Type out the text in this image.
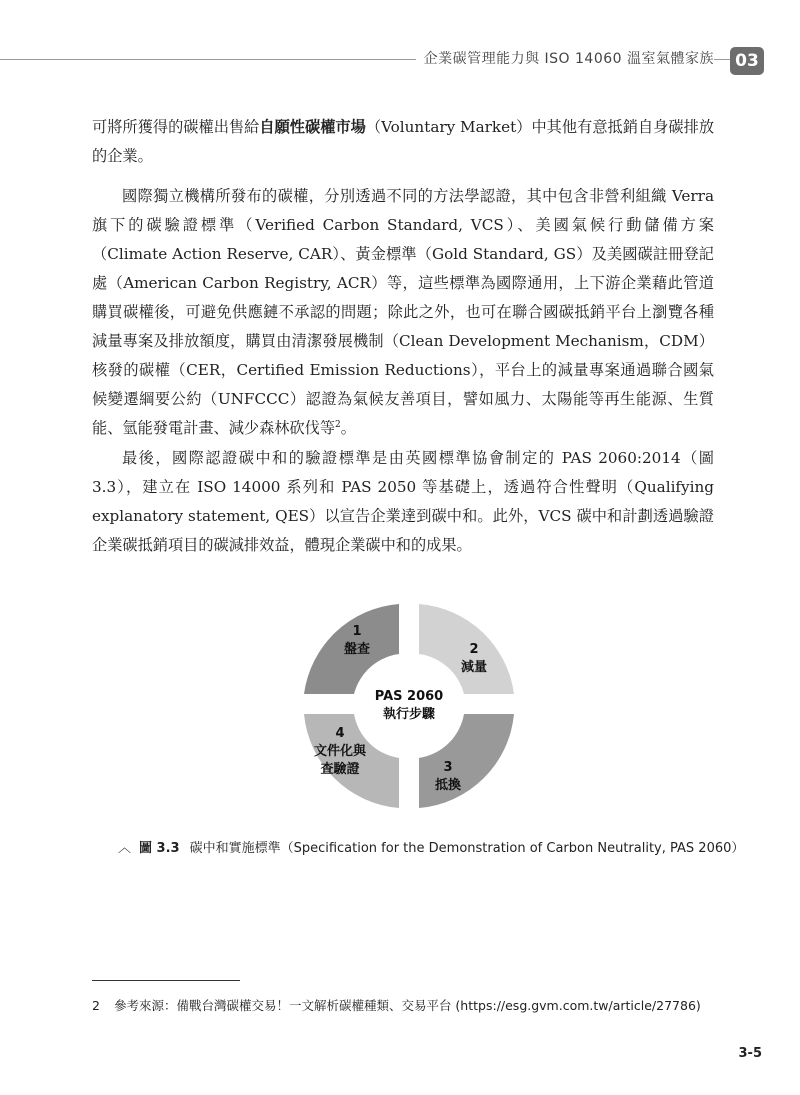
企業碳管理能力與 ISO 14060 溫室氣體家族	03

可將所獲得的碳權出售給自願性碳權市場（Voluntary Market）中其他有意抵銷自身碳排放的企業。

國際獨立機構所發布的碳權，分別透過不同的方法學認證，其中包含非營利組織 Verra 旗下的碳驗證標準（Verified Carbon Standard, VCS）、美國氣候行動儲備方案（Climate Action Reserve, CAR）、黃金標準（Gold Standard, GS）及美國碳註冊登記處（American Carbon Registry, ACR）等，這些標準為國際通用，上下游企業藉此管道購買碳權後，可避免供應鏈不承認的問題；除此之外，也可在聯合國碳抵銷平台上瀏覽各種減量專案及排放額度，購買由清潔發展機制（Clean Development Mechanism，CDM）核發的碳權（CER，Certified Emission Reductions），平台上的減量專案通過聯合國氣候變遷綱要公約（UNFCCC）認證為氣候友善項目，譬如風力、太陽能等再生能源、生質能、氫能發電計畫、減少森林砍伐等$^2$。

最後，國際認證碳中和的驗證標準是由英國標準協會制定的 PAS 2060:2014（圖 3.3），建立在 ISO 14000 系列和 PAS 2050 等基礎上，透過符合性聲明（Qualifying explanatory statement, QES）以宣告企業達到碳中和。此外，VCS 碳中和計劃透過驗證企業碳抵銷項目的碳減排效益，體現企業碳中和的成果。

PAS 2060
執行步驟
1
盤查	2
減量
3
抵換
4
文件化與
查驗證
︿ 圖 3.3 碳中和實施標準（Specification for the Demonstration of Carbon Neutrality, PAS 2060）
2 參考來源：備戰台灣碳權交易！一文解析碳權種類、交易平台 (https://esg.gvm.com.tw/article/27786)
3-5
